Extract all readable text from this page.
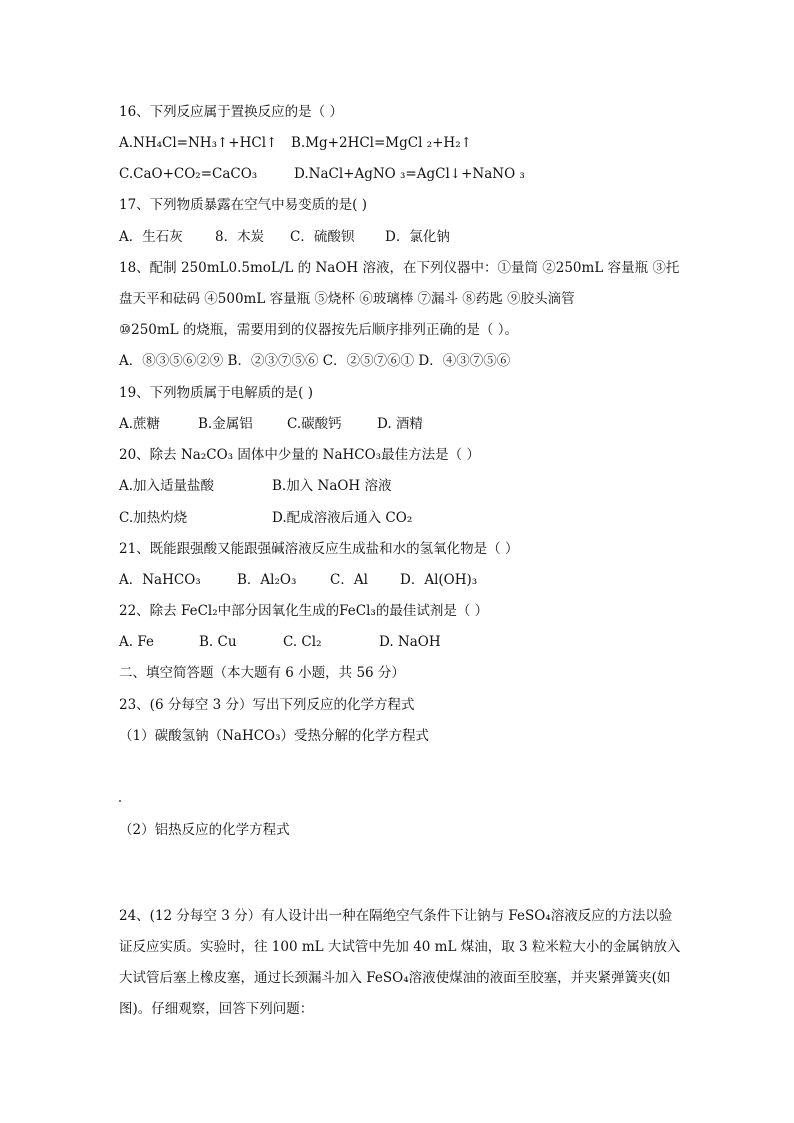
16、下列反应属于置换反应的是（ ）
A.NH₄Cl=NH₃↑+HCl↑ B.Mg+2HCl=MgCl ₂+H₂↑
C.CaO+CO₂=CaCO₃	D.NaCl+AgNO ₃=AgCl↓+NaNO ₃
17、下列物质暴露在空气中易变质的是( )
A．生石灰 8．木炭 C．硫酸钡 D．氯化钠
18、配制 250mL0.5moL/L 的 NaOH 溶液，在下列仪器中：①量筒 ②250mL 容量瓶 ③托
盘天平和砝码 ④500mL 容量瓶 ⑤烧杯 ⑥玻璃棒 ⑦漏斗 ⑧药匙 ⑨胶头滴管
⑩250mL 的烧瓶，需要用到的仪器按先后顺序排列正确的是（ ）。
A．⑧③⑤⑥②⑨ B．②③⑦⑤⑥ C．②⑤⑦⑥① D．④③⑦⑤⑥
19、下列物质属于电解质的是( )
A.蔗糖	B.金属铝	C.碳酸钙	D. 酒精
20、除去 Na₂CO₃ 固体中少量的 NaHCO₃最佳方法是（ ）
A.加入适量盐酸	B.加入 NaOH 溶液
C.加热灼烧	D.配成溶液后通入 CO₂
21、既能跟强酸又能跟强碱溶液反应生成盐和水的氢氧化物是（ ）
A．NaHCO₃	B．Al₂O₃ C．Al D．Al(OH)₃
22、除去 FeCl₂中部分因氧化生成的FeCl₃的最佳试剂是（ ）
A. Fe	B. Cu	C. Cl₂	D. NaOH
二、填空简答题（本大题有 6 小题，共 56 分）
23、(6 分每空 3 分）写出下列反应的化学方程式
（1）碳酸氢钠（NaHCO₃）受热分解的化学方程式
（2）铝热反应的化学方程式
24、(12 分每空 3 分）有人设计出一种在隔绝空气条件下让钠与 FeSO₄溶液反应的方法以验
证反应实质。实验时，往 100 mL 大试管中先加 40 mL 煤油，取 3 粒米粒大小的金属钠放入
大试管后塞上橡皮塞，通过长颈漏斗加入 FeSO₄溶液使煤油的液面至胶塞，并夹紧弹簧夹(如
图)。仔细观察，回答下列问题：
